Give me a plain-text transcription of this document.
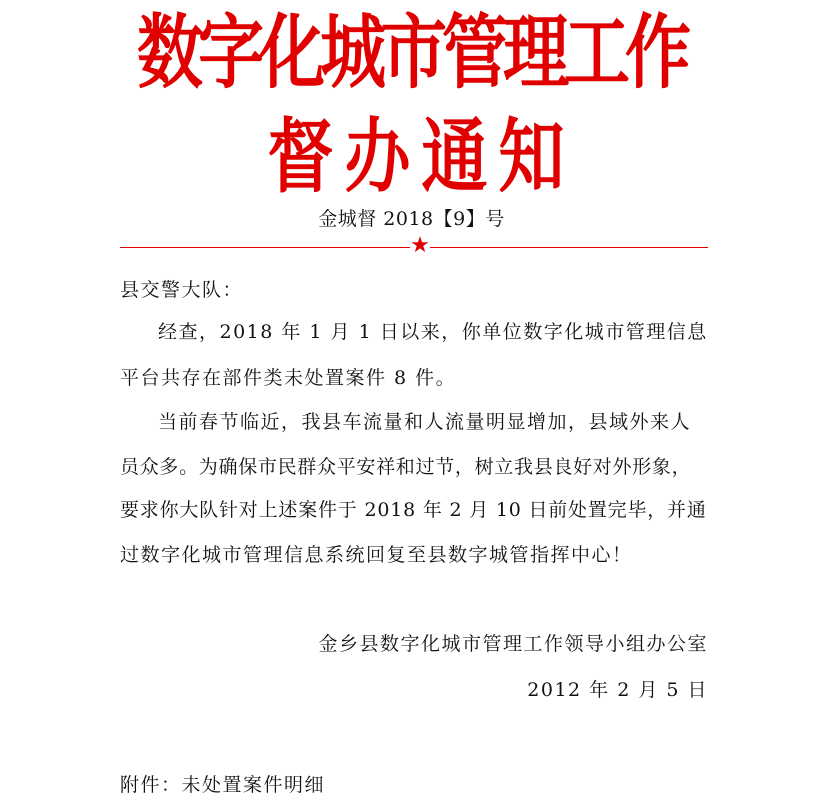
数字化城市管理工作
督办通知
金城督 2018【9】号
★
县交警大队：
经查，2018 年 1 月 1 日以来，你单位数字化城市管理信息
平台共存在部件类未处置案件 8 件。
当前春节临近，我县车流量和人流量明显增加，县域外来人
员众多。为确保市民群众平安祥和过节，树立我县良好对外形象，
要求你大队针对上述案件于 2018 年 2 月 10 日前处置完毕，并通
过数字化城市管理信息系统回复至县数字城管指挥中心！
金乡县数字化城市管理工作领导小组办公室
2012 年 2 月 5 日
附件：未处置案件明细
